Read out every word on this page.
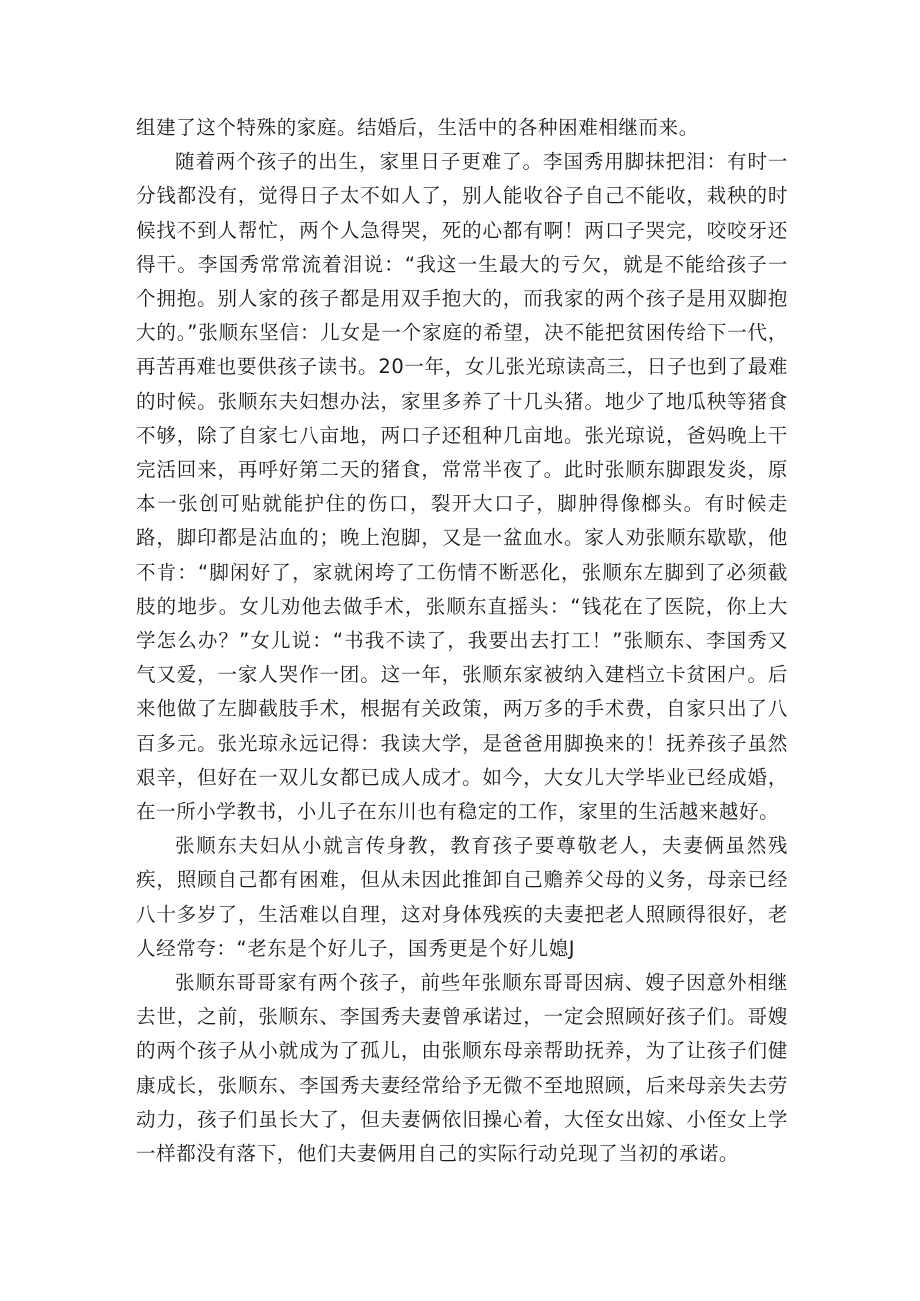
组建了这个特殊的家庭。结婚后，生活中的各种困难相继而来。

随着两个孩子的出生，家里日子更难了。李国秀用脚抹把泪：有时一分钱都没有，觉得日子太不如人了，别人能收谷子自己不能收，栽秧的时候找不到人帮忙，两个人急得哭，死的心都有啊！两口子哭完，咬咬牙还得干。李国秀常常流着泪说：“我这一生最大的亏欠，就是不能给孩子一个拥抱。别人家的孩子都是用双手抱大的，而我家的两个孩子是用双脚抱大的。”张顺东坚信：儿女是一个家庭的希望，决不能把贫困传给下一代，再苦再难也要供孩子读书。20一年，女儿张光琼读高三，日子也到了最难的时候。张顺东夫妇想办法，家里多养了十几头猪。地少了地瓜秧等猪食不够，除了自家七八亩地，两口子还租种几亩地。张光琼说，爸妈晚上干完活回来，再呼好第二天的猪食，常常半夜了。此时张顺东脚跟发炎，原本一张创可贴就能护住的伤口，裂开大口子，脚肿得像榔头。有时候走路，脚印都是沾血的；晚上泡脚，又是一盆血水。家人劝张顺东歇歇，他不肯：“脚闲好了，家就闲垮了工伤情不断恶化，张顺东左脚到了必须截肢的地步。女儿劝他去做手术，张顺东直摇头：“钱花在了医院，你上大学怎么办？”女儿说：“书我不读了，我要出去打工！”张顺东、李国秀又气又爱，一家人哭作一团。这一年，张顺东家被纳入建档立卡贫困户。后来他做了左脚截肢手术，根据有关政策，两万多的手术费，自家只出了八百多元。张光琼永远记得：我读大学，是爸爸用脚换来的！抚养孩子虽然艰辛，但好在一双儿女都已成人成才。如今，大女儿大学毕业已经成婚，在一所小学教书，小儿子在东川也有稳定的工作，家里的生活越来越好。

张顺东夫妇从小就言传身教，教育孩子要尊敬老人，夫妻俩虽然残疾，照顾自己都有困难，但从未因此推卸自己赡养父母的义务，母亲已经八十多岁了，生活难以自理，这对身体残疾的夫妻把老人照顾得很好，老人经常夸：“老东是个好儿子，国秀更是个好儿媳J

张顺东哥哥家有两个孩子，前些年张顺东哥哥因病、嫂子因意外相继去世，之前，张顺东、李国秀夫妻曾承诺过，一定会照顾好孩子们。哥嫂的两个孩子从小就成为了孤儿，由张顺东母亲帮助抚养，为了让孩子们健康成长，张顺东、李国秀夫妻经常给予无微不至地照顾，后来母亲失去劳动力，孩子们虽长大了，但夫妻俩依旧操心着，大侄女出嫁、小侄女上学一样都没有落下，他们夫妻俩用自己的实际行动兑现了当初的承诺。
